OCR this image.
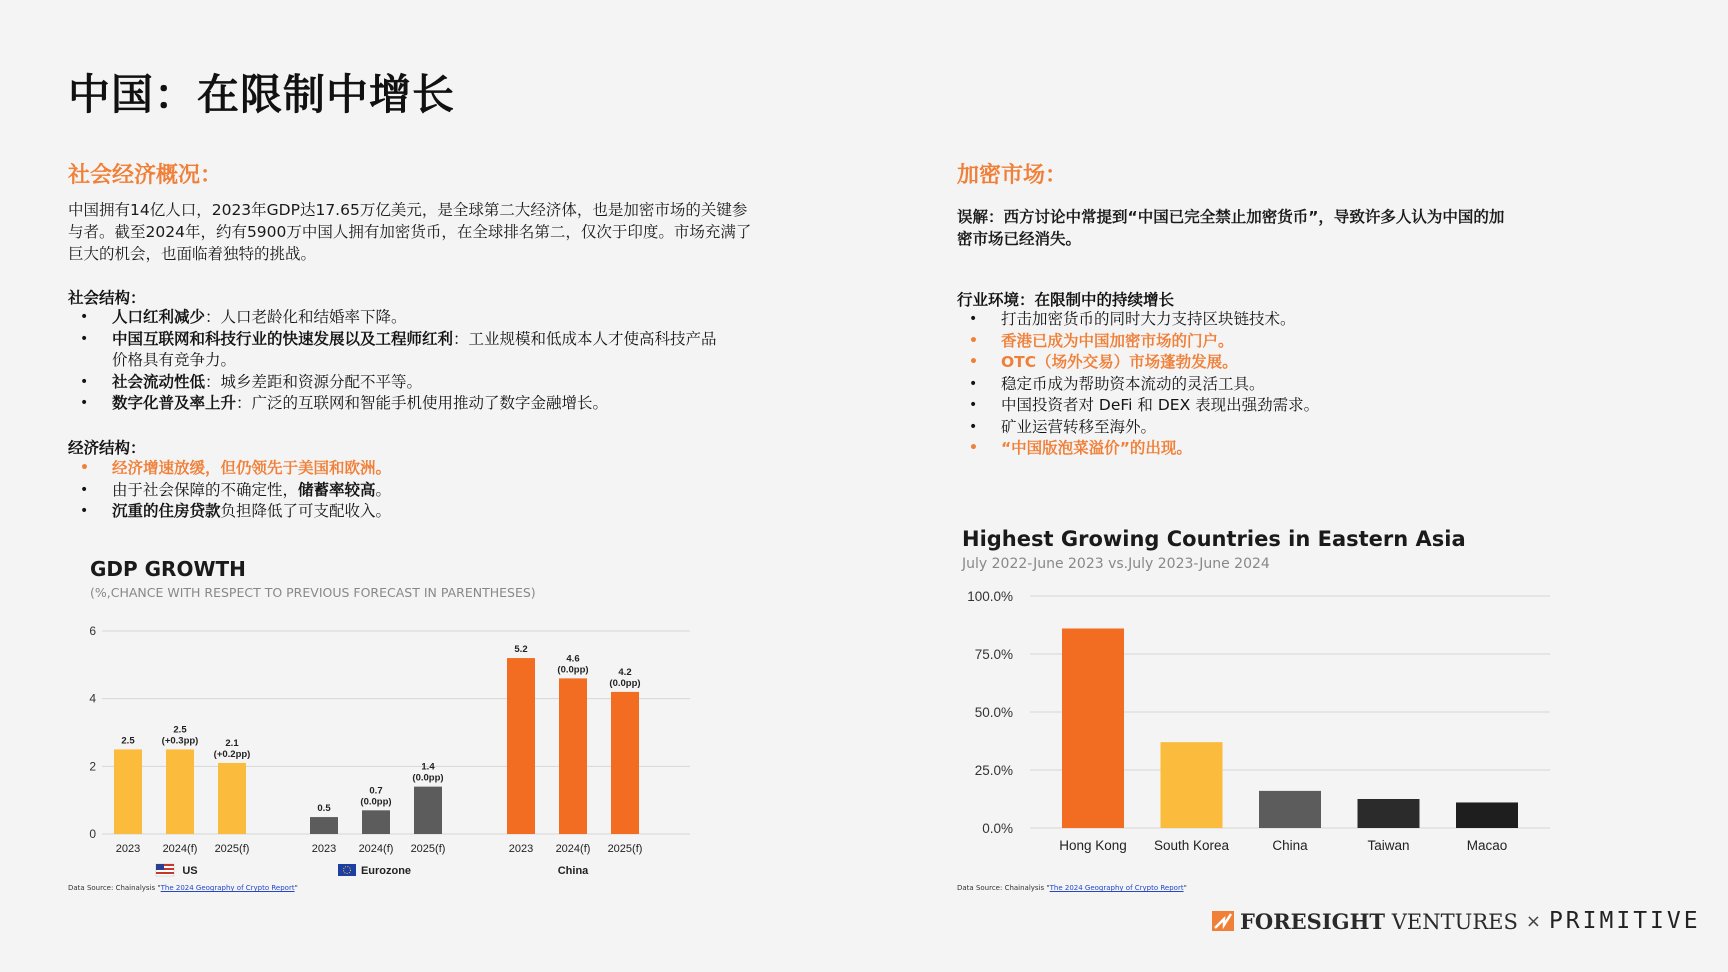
中国：在限制中增长
社会经济概况：
中国拥有14亿人口，2023年GDP达17.65万亿美元，是全球第二大经济体，也是加密市场的关键参
与者。截至2024年，约有5900万中国人拥有加密货币，在全球排名第二，仅次于印度。市场充满了
巨大的机会，也面临着独特的挑战。
社会结构：
• 人口红利减少：人口老龄化和结婚率下降。
• 中国互联网和科技行业的快速发展以及工程师红利：工业规模和低成本人才使高科技产品
价格具有竞争力。
• 社会流动性低：城乡差距和资源分配不平等。
• 数字化普及率上升：广泛的互联网和智能手机使用推动了数字金融增长。
经济结构：
• 经济增速放缓，但仍领先于美国和欧洲。
• 由于社会保障的不确定性，储蓄率较高。
• 沉重的住房贷款负担降低了可支配收入。
GDP GROWTH
(%,CHANCE WITH RESPECT TO PREVIOUS FORECAST IN PARENTHESES)
0
2
4
6
2.5
2023
2.5
(+0.3pp)
2024(f)
2.1
(+0.2pp)
2025(f)
US
0.5
2023
0.7
(0.0pp)
2024(f)
1.4
(0.0pp)
2025(f)
Eurozone
5.2
2023
4.6
(0.0pp)
2024(f)
4.2
(0.0pp)
2025(f)
China
Data Source: Chainalysis "The 2024 Geography of Crypto Report"
加密市场：
误解：西方讨论中常提到“中国已完全禁止加密货币”，导致许多人认为中国的加
密市场已经消失。
行业环境：在限制中的持续增长
• 打击加密货币的同时大力支持区块链技术。
• 香港已成为中国加密市场的门户。
• OTC（场外交易）市场蓬勃发展。
• 稳定币成为帮助资本流动的灵活工具。
• 中国投资者对 DeFi 和 DEX 表现出强劲需求。
• 矿业运营转移至海外。
• “中国版泡菜溢价”的出现。
Highest Growing Countries in Eastern Asia
July 2022-June 2023 vs.July 2023-June 2024
0.0%
25.0%
50.0%
75.0%
100.0%
Hong Kong South Korea	China	Taiwan	Macao
Data Source: Chainalysis "The 2024 Geography of Crypto Report"
FORESIGHT VENTURES × PRIMITIVE
